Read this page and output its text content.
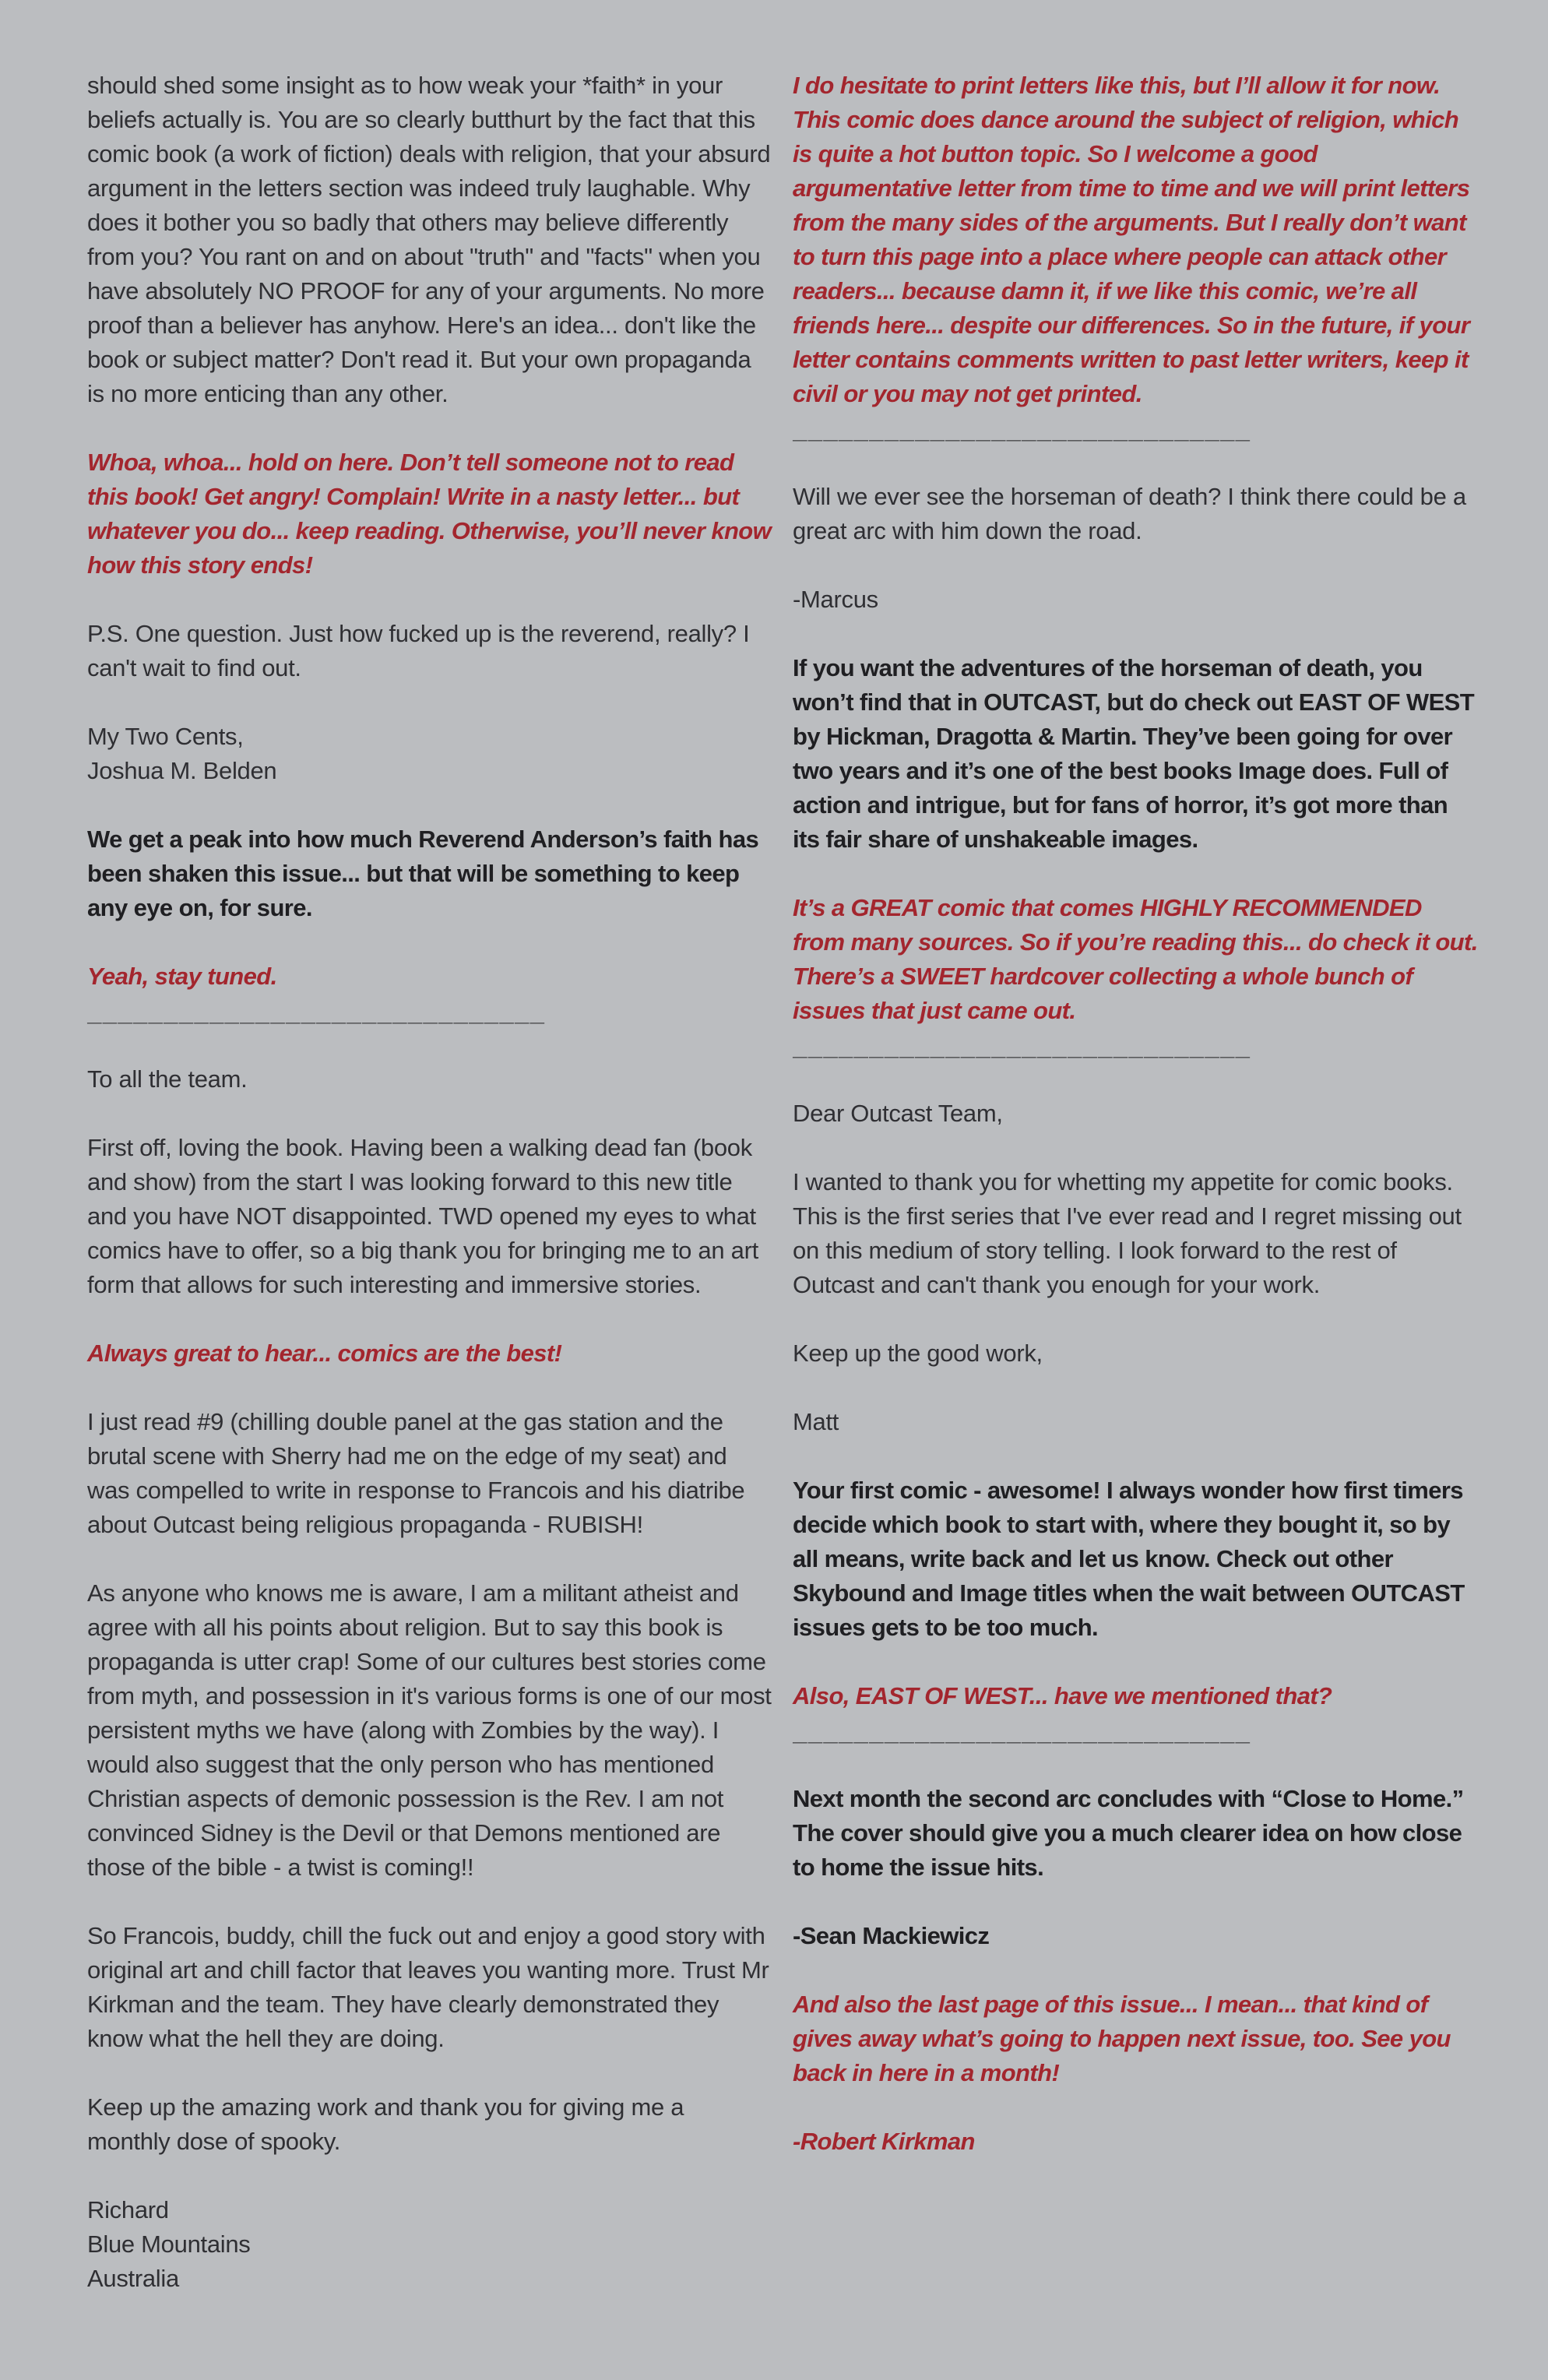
should shed some insight as to how weak your *faith* in your beliefs actually is. You are so clearly butthurt by the fact that this comic book (a work of fiction) deals with religion, that your absurd argument in the letters section was indeed truly laughable. Why does it bother you so badly that others may believe differently from you? You rant on and on about "truth" and "facts" when you have absolutely NO PROOF for any of your arguments. No more proof than a believer has anyhow. Here's an idea... don't like the book or subject matter? Don't read it. But your own propaganda is no more enticing than any other.
Whoa, whoa... hold on here. Don’t tell someone not to read this book! Get angry! Complain! Write in a nasty letter... but whatever you do... keep reading. Otherwise, you’ll never know how this story ends!
P.S. One question. Just how fucked up is the reverend, really? I can't wait to find out.
My Two Cents,
Joshua M. Belden
We get a peak into how much Reverend Anderson’s faith has been shaken this issue... but that will be something to keep any eye on, for sure.
Yeah, stay tuned.
______________________________
To all the team.
First off, loving the book. Having been a walking dead fan (book and show) from the start I was looking forward to this new title and you have NOT disappointed. TWD opened my eyes to what comics have to offer, so a big thank you for bringing me to an art form that allows for such interesting and immersive stories.
Always great to hear... comics are the best!
I just read #9 (chilling double panel at the gas station and the brutal scene with Sherry had me on the edge of my seat) and was compelled to write in response to Francois and his diatribe about Outcast being religious propaganda - RUBISH!
As anyone who knows me is aware, I am a militant atheist and agree with all his points about religion. But to say this book is propaganda is utter crap! Some of our cultures best stories come from myth, and possession in it's various forms is one of our most persistent myths we have (along with Zombies by the way). I would also suggest that the only person who has mentioned Christian aspects of demonic possession is the Rev. I am not convinced Sidney is the Devil or that Demons mentioned are those of the bible - a twist is coming!!
So Francois, buddy, chill the fuck out and enjoy a good story with original art and chill factor that leaves you wanting more. Trust Mr Kirkman and the team. They have clearly demonstrated they know what the hell they are doing.
Keep up the amazing work and thank you for giving me a monthly dose of spooky.
Richard
Blue Mountains
Australia
I do hesitate to print letters like this, but I’ll allow it for now. This comic does dance around the subject of religion, which is quite a hot button topic. So I welcome a good argumentative letter from time to time and we will print letters from the many sides of the arguments. But I really don’t want to turn this page into a place where people can attack other readers... because damn it, if we like this comic, we’re all friends here... despite our differences. So in the future, if your letter contains comments written to past letter writers, keep it civil or you may not get printed.
______________________________
Will we ever see the horseman of death? I think there could be a great arc with him down the road.
-Marcus
If you want the adventures of the horseman of death, you won’t find that in OUTCAST, but do check out EAST OF WEST by Hickman, Dragotta & Martin. They’ve been going for over two years and it’s one of the best books Image does. Full of action and intrigue, but for fans of horror, it’s got more than its fair share of unshakeable images.
It’s a GREAT comic that comes HIGHLY RECOMMENDED from many sources. So if you’re reading this... do check it out. There’s a SWEET hardcover collecting a whole bunch of issues that just came out.
______________________________
Dear Outcast Team,
I wanted to thank you for whetting my appetite for comic books. This is the first series that I've ever read and I regret missing out on this medium of story telling. I look forward to the rest of Outcast and can't thank you enough for your work.
Keep up the good work,
Matt
Your first comic - awesome! I always wonder how first timers decide which book to start with, where they bought it, so by all means, write back and let us know. Check out other Skybound and Image titles when the wait between OUTCAST issues gets to be too much.
Also, EAST OF WEST... have we mentioned that?
______________________________
Next month the second arc concludes with “Close to Home.” The cover should give you a much clearer idea on how close to home the issue hits.
-Sean Mackiewicz
And also the last page of this issue... I mean... that kind of gives away what’s going to happen next issue, too. See you back in here in a month!
-Robert Kirkman
